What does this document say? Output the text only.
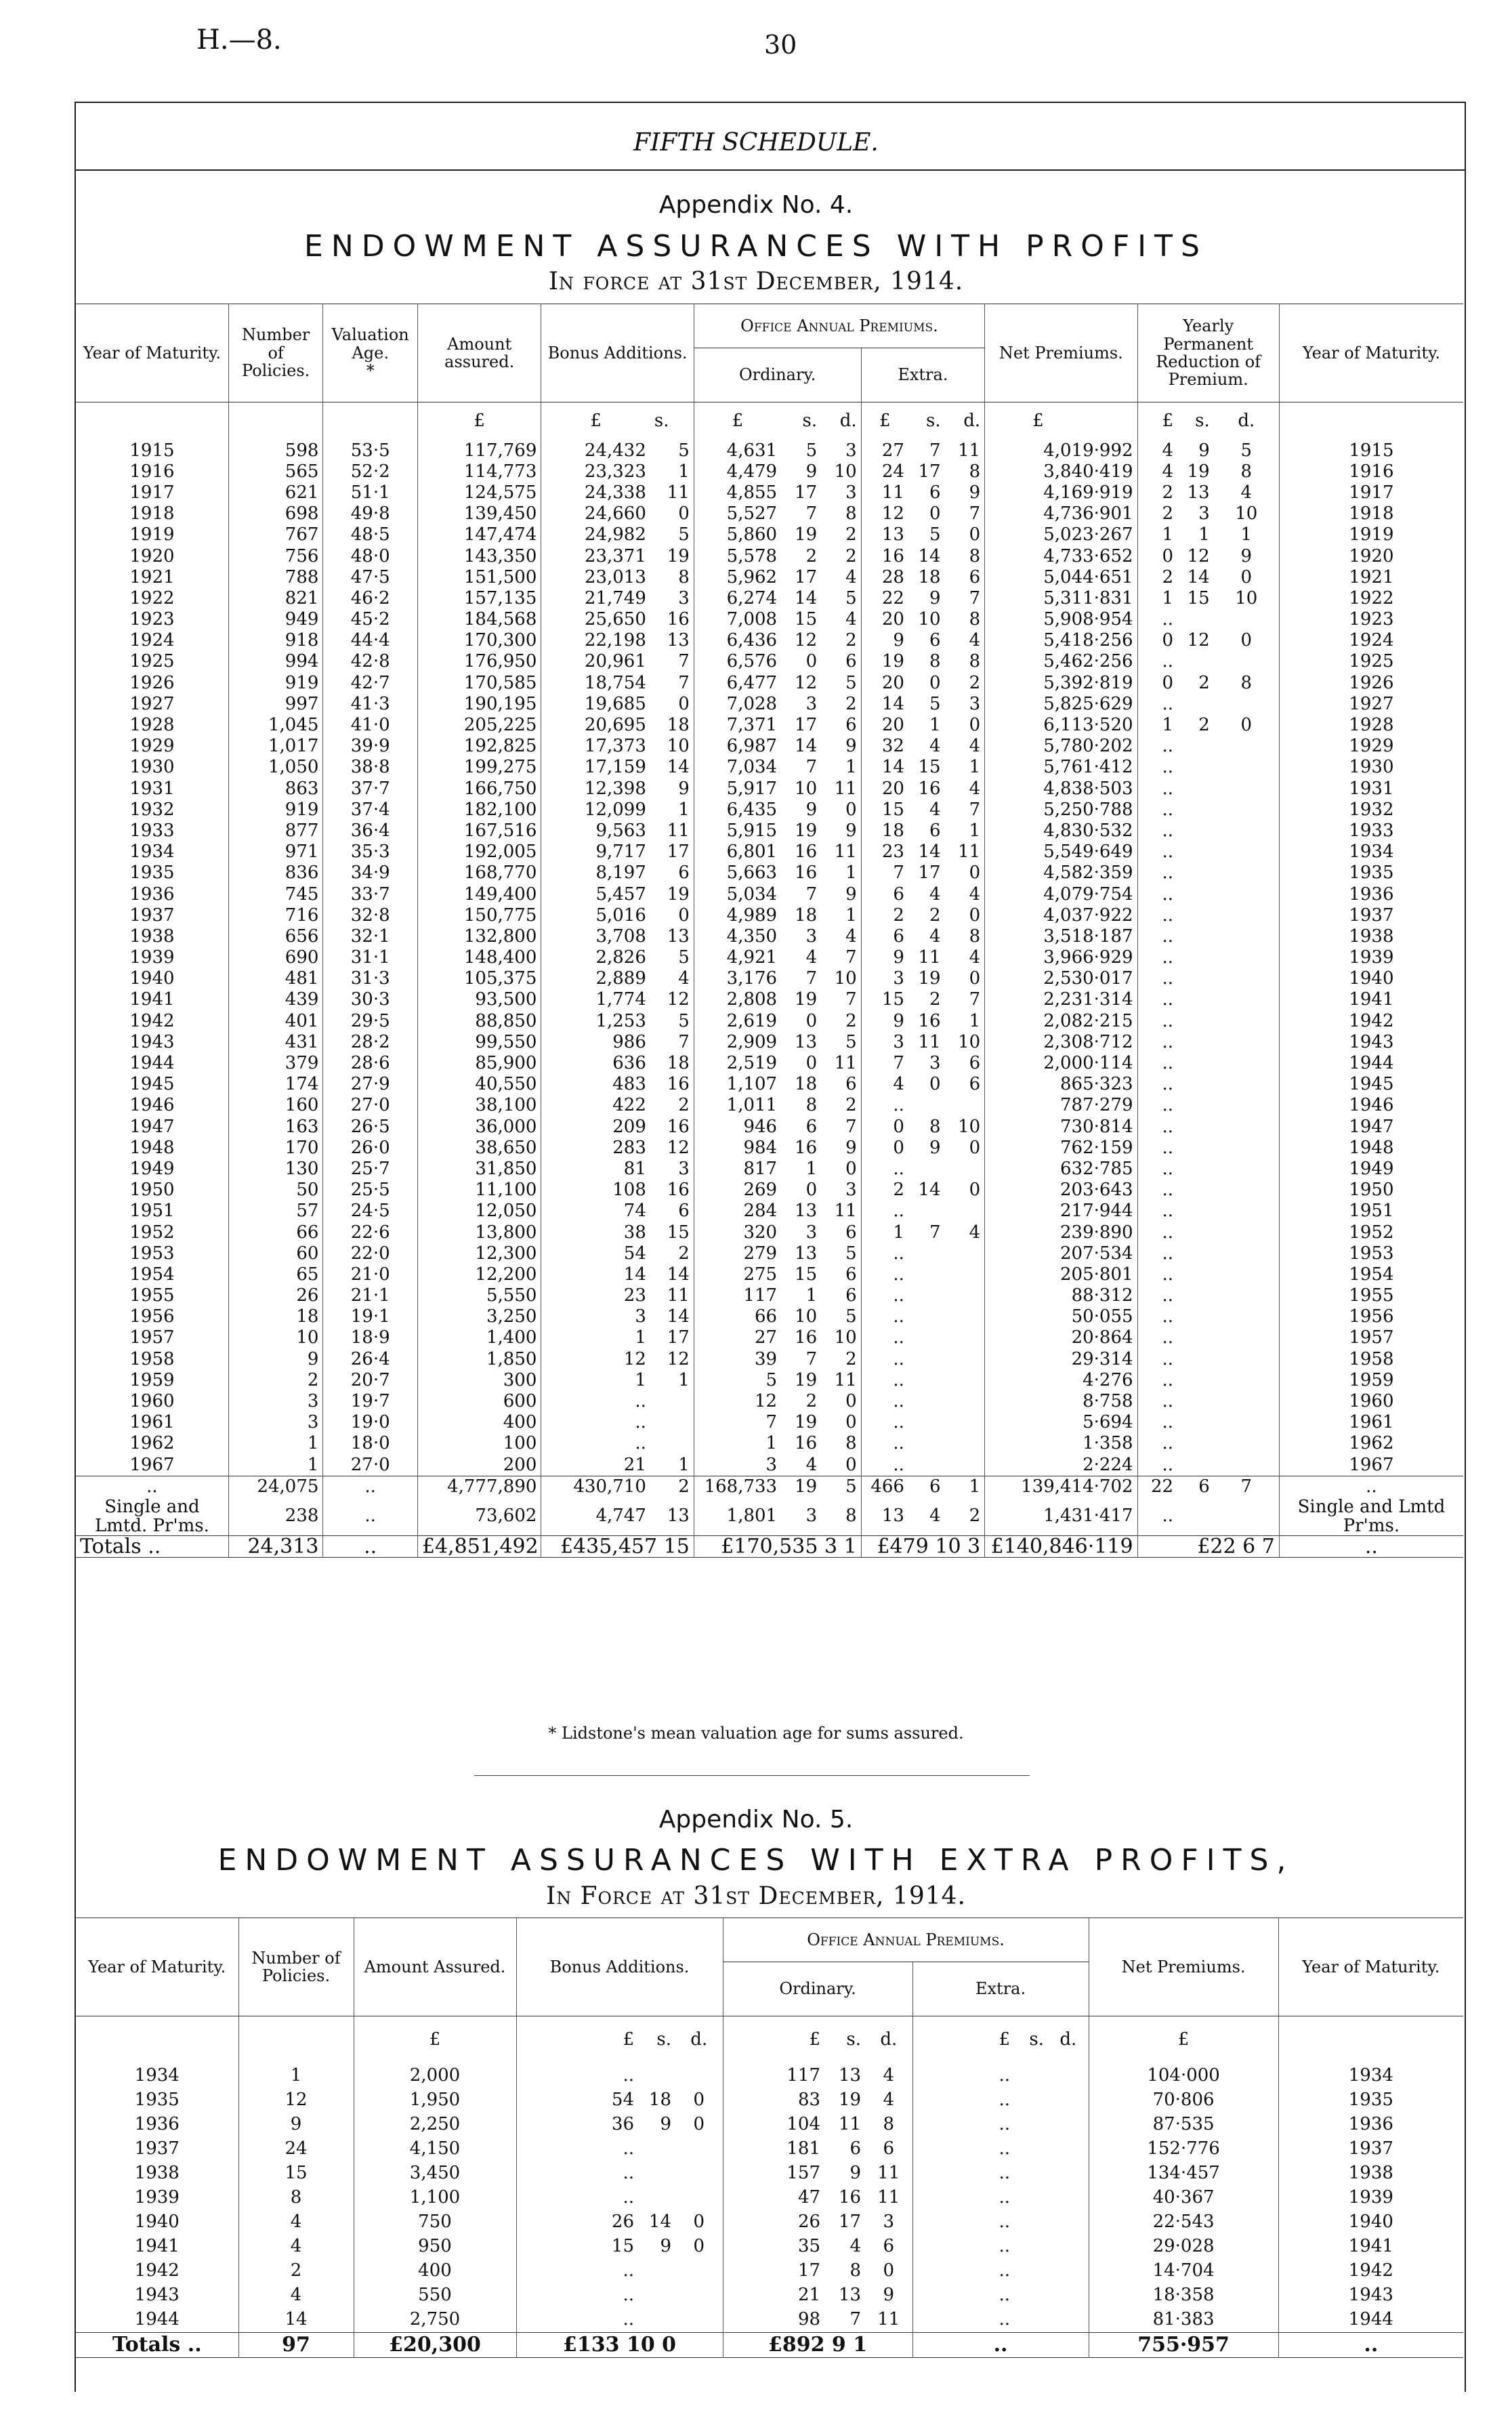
H.—8.	30
FIFTH SCHEDULE.
Appendix No. 4.
ENDOWMENT ASSURANCES WITH PROFITS
In force at 31st December, 1914.
Year of Maturity.	Number of Policies.	Valuation Age.
*	Amount assured.	Bonus Additions.		Office Annual Premiums.						Net Premiums.	Yearly Permanent Reduction of Premium.			Year of Maturity.
						Ordinary.			Extra.							
			£	£	s.	£	s.	d.	£	s.	d.	£	£	s.	d.	
1915	598	53·5	117,769	24,432	5	4,631	5	3	27	7	11	4,019·992	4	9	5	1915
1916	565	52·2	114,773	23,323	1	4,479	9	10	24	17	8	3,840·419	4	19	8	1916
1917	621	51·1	124,575	24,338	11	4,855	17	3	11	6	9	4,169·919	2	13	4	1917
1918	698	49·8	139,450	24,660	0	5,527	7	8	12	0	7	4,736·901	2	3	10	1918
1919	767	48·5	147,474	24,982	5	5,860	19	2	13	5	0	5,023·267	1	1	1	1919
1920	756	48·0	143,350	23,371	19	5,578	2	2	16	14	8	4,733·652	0	12	9	1920
1921	788	47·5	151,500	23,013	8	5,962	17	4	28	18	6	5,044·651	2	14	0	1921
1922	821	46·2	157,135	21,749	3	6,274	14	5	22	9	7	5,311·831	1	15	10	1922
1923	949	45·2	184,568	25,650	16	7,008	15	4	20	10	8	5,908·954	..			1923
1924	918	44·4	170,300	22,198	13	6,436	12	2	9	6	4	5,418·256	0	12	0	1924
1925	994	42·8	176,950	20,961	7	6,576	0	6	19	8	8	5,462·256	..			1925
1926	919	42·7	170,585	18,754	7	6,477	12	5	20	0	2	5,392·819	0	2	8	1926
1927	997	41·3	190,195	19,685	0	7,028	3	2	14	5	3	5,825·629	..			1927
1928	1,045	41·0	205,225	20,695	18	7,371	17	6	20	1	0	6,113·520	1	2	0	1928
1929	1,017	39·9	192,825	17,373	10	6,987	14	9	32	4	4	5,780·202	..			1929
1930	1,050	38·8	199,275	17,159	14	7,034	7	1	14	15	1	5,761·412	..			1930
1931	863	37·7	166,750	12,398	9	5,917	10	11	20	16	4	4,838·503	..			1931
1932	919	37·4	182,100	12,099	1	6,435	9	0	15	4	7	5,250·788	..			1932
1933	877	36·4	167,516	9,563	11	5,915	19	9	18	6	1	4,830·532	..			1933
1934	971	35·3	192,005	9,717	17	6,801	16	11	23	14	11	5,549·649	..			1934
1935	836	34·9	168,770	8,197	6	5,663	16	1	7	17	0	4,582·359	..			1935
1936	745	33·7	149,400	5,457	19	5,034	7	9	6	4	4	4,079·754	..			1936
1937	716	32·8	150,775	5,016	0	4,989	18	1	2	2	0	4,037·922	..			1937
1938	656	32·1	132,800	3,708	13	4,350	3	4	6	4	8	3,518·187	..			1938
1939	690	31·1	148,400	2,826	5	4,921	4	7	9	11	4	3,966·929	..			1939
1940	481	31·3	105,375	2,889	4	3,176	7	10	3	19	0	2,530·017	..			1940
1941	439	30·3	93,500	1,774	12	2,808	19	7	15	2	7	2,231·314	..			1941
1942	401	29·5	88,850	1,253	5	2,619	0	2	9	16	1	2,082·215	..			1942
1943	431	28·2	99,550	986	7	2,909	13	5	3	11	10	2,308·712	..			1943
1944	379	28·6	85,900	636	18	2,519	0	11	7	3	6	2,000·114	..			1944
1945	174	27·9	40,550	483	16	1,107	18	6	4	0	6	865·323	..			1945
1946	160	27·0	38,100	422	2	1,011	8	2	..			787·279	..			1946
1947	163	26·5	36,000	209	16	946	6	7	0	8	10	730·814	..			1947
1948	170	26·0	38,650	283	12	984	16	9	0	9	0	762·159	..			1948
1949	130	25·7	31,850	81	3	817	1	0	..			632·785	..			1949
1950	50	25·5	11,100	108	16	269	0	3	2	14	0	203·643	..			1950
1951	57	24·5	12,050	74	6	284	13	11	..			217·944	..			1951
1952	66	22·6	13,800	38	15	320	3	6	1	7	4	239·890	..			1952
1953	60	22·0	12,300	54	2	279	13	5	..			207·534	..			1953
1954	65	21·0	12,200	14	14	275	15	6	..			205·801	..			1954
1955	26	21·1	5,550	23	11	117	1	6	..			88·312	..			1955
1956	18	19·1	3,250	3	14	66	10	5	..			50·055	..			1956
1957	10	18·9	1,400	1	17	27	16	10	..			20·864	..			1957
1958	9	26·4	1,850	12	12	39	7	2	..			29·314	..			1958
1959	2	20·7	300	1	1	5	19	11	..			4·276	..			1959
1960	3	19·7	600	..		12	2	0	..			8·758	..			1960
1961	3	19·0	400	..		7	19	0	..			5·694	..			1961
1962	1	18·0	100	..		1	16	8	..			1·358	..			1962
1967	1	27·0	200	21	1	3	4	0	..			2·224	..			1967
..	24,075	..	4,777,890	430,710	2	168,733	19	5	466	6	1	139,414·702	22	6	7	..
Single and Lmtd. Pr'ms.	238	..	73,602	4,747	13	1,801	3	8	13	4	2	1,431·417	..			Single and Lmtd Pr'ms.
Totals ..	24,313	..	£4,851,492	£435,457 15		£170,535 3 1			£479 10 3			£140,846·119	£22 6 7			..
* Lidstone's mean valuation age for sums assured.
Appendix No. 5.
ENDOWMENT ASSURANCES WITH EXTRA PROFITS,
In Force at 31st December, 1914.
Year of Maturity.	Number of Policies.	Amount Assured.	Bonus Additions.			Office Annual Premiums.						Net Premiums.	Year of Maturity.
						Ordinary.			Extra.				
		£	£	s.	d.	£	s.	d.	£	s.	d.	£	
1934	1	2,000	..			117	13	4	..			104·000	1934
1935	12	1,950	54	18	0	83	19	4	..			70·806	1935
1936	9	2,250	36	9	0	104	11	8	..			87·535	1936
1937	24	4,150	..			181	6	6	..			152·776	1937
1938	15	3,450	..			157	9	11	..			134·457	1938
1939	8	1,100	..			47	16	11	..			40·367	1939
1940	4	750	26	14	0	26	17	3	..			22·543	1940
1941	4	950	15	9	0	35	4	6	..			29·028	1941
1942	2	400	..			17	8	0	..			14·704	1942
1943	4	550	..			21	13	9	..			18·358	1943
1944	14	2,750	..			98	7	11	..			81·383	1944
Totals ..	97	£20,300	£133 10 0			£892 9 1			..			755·957	..
